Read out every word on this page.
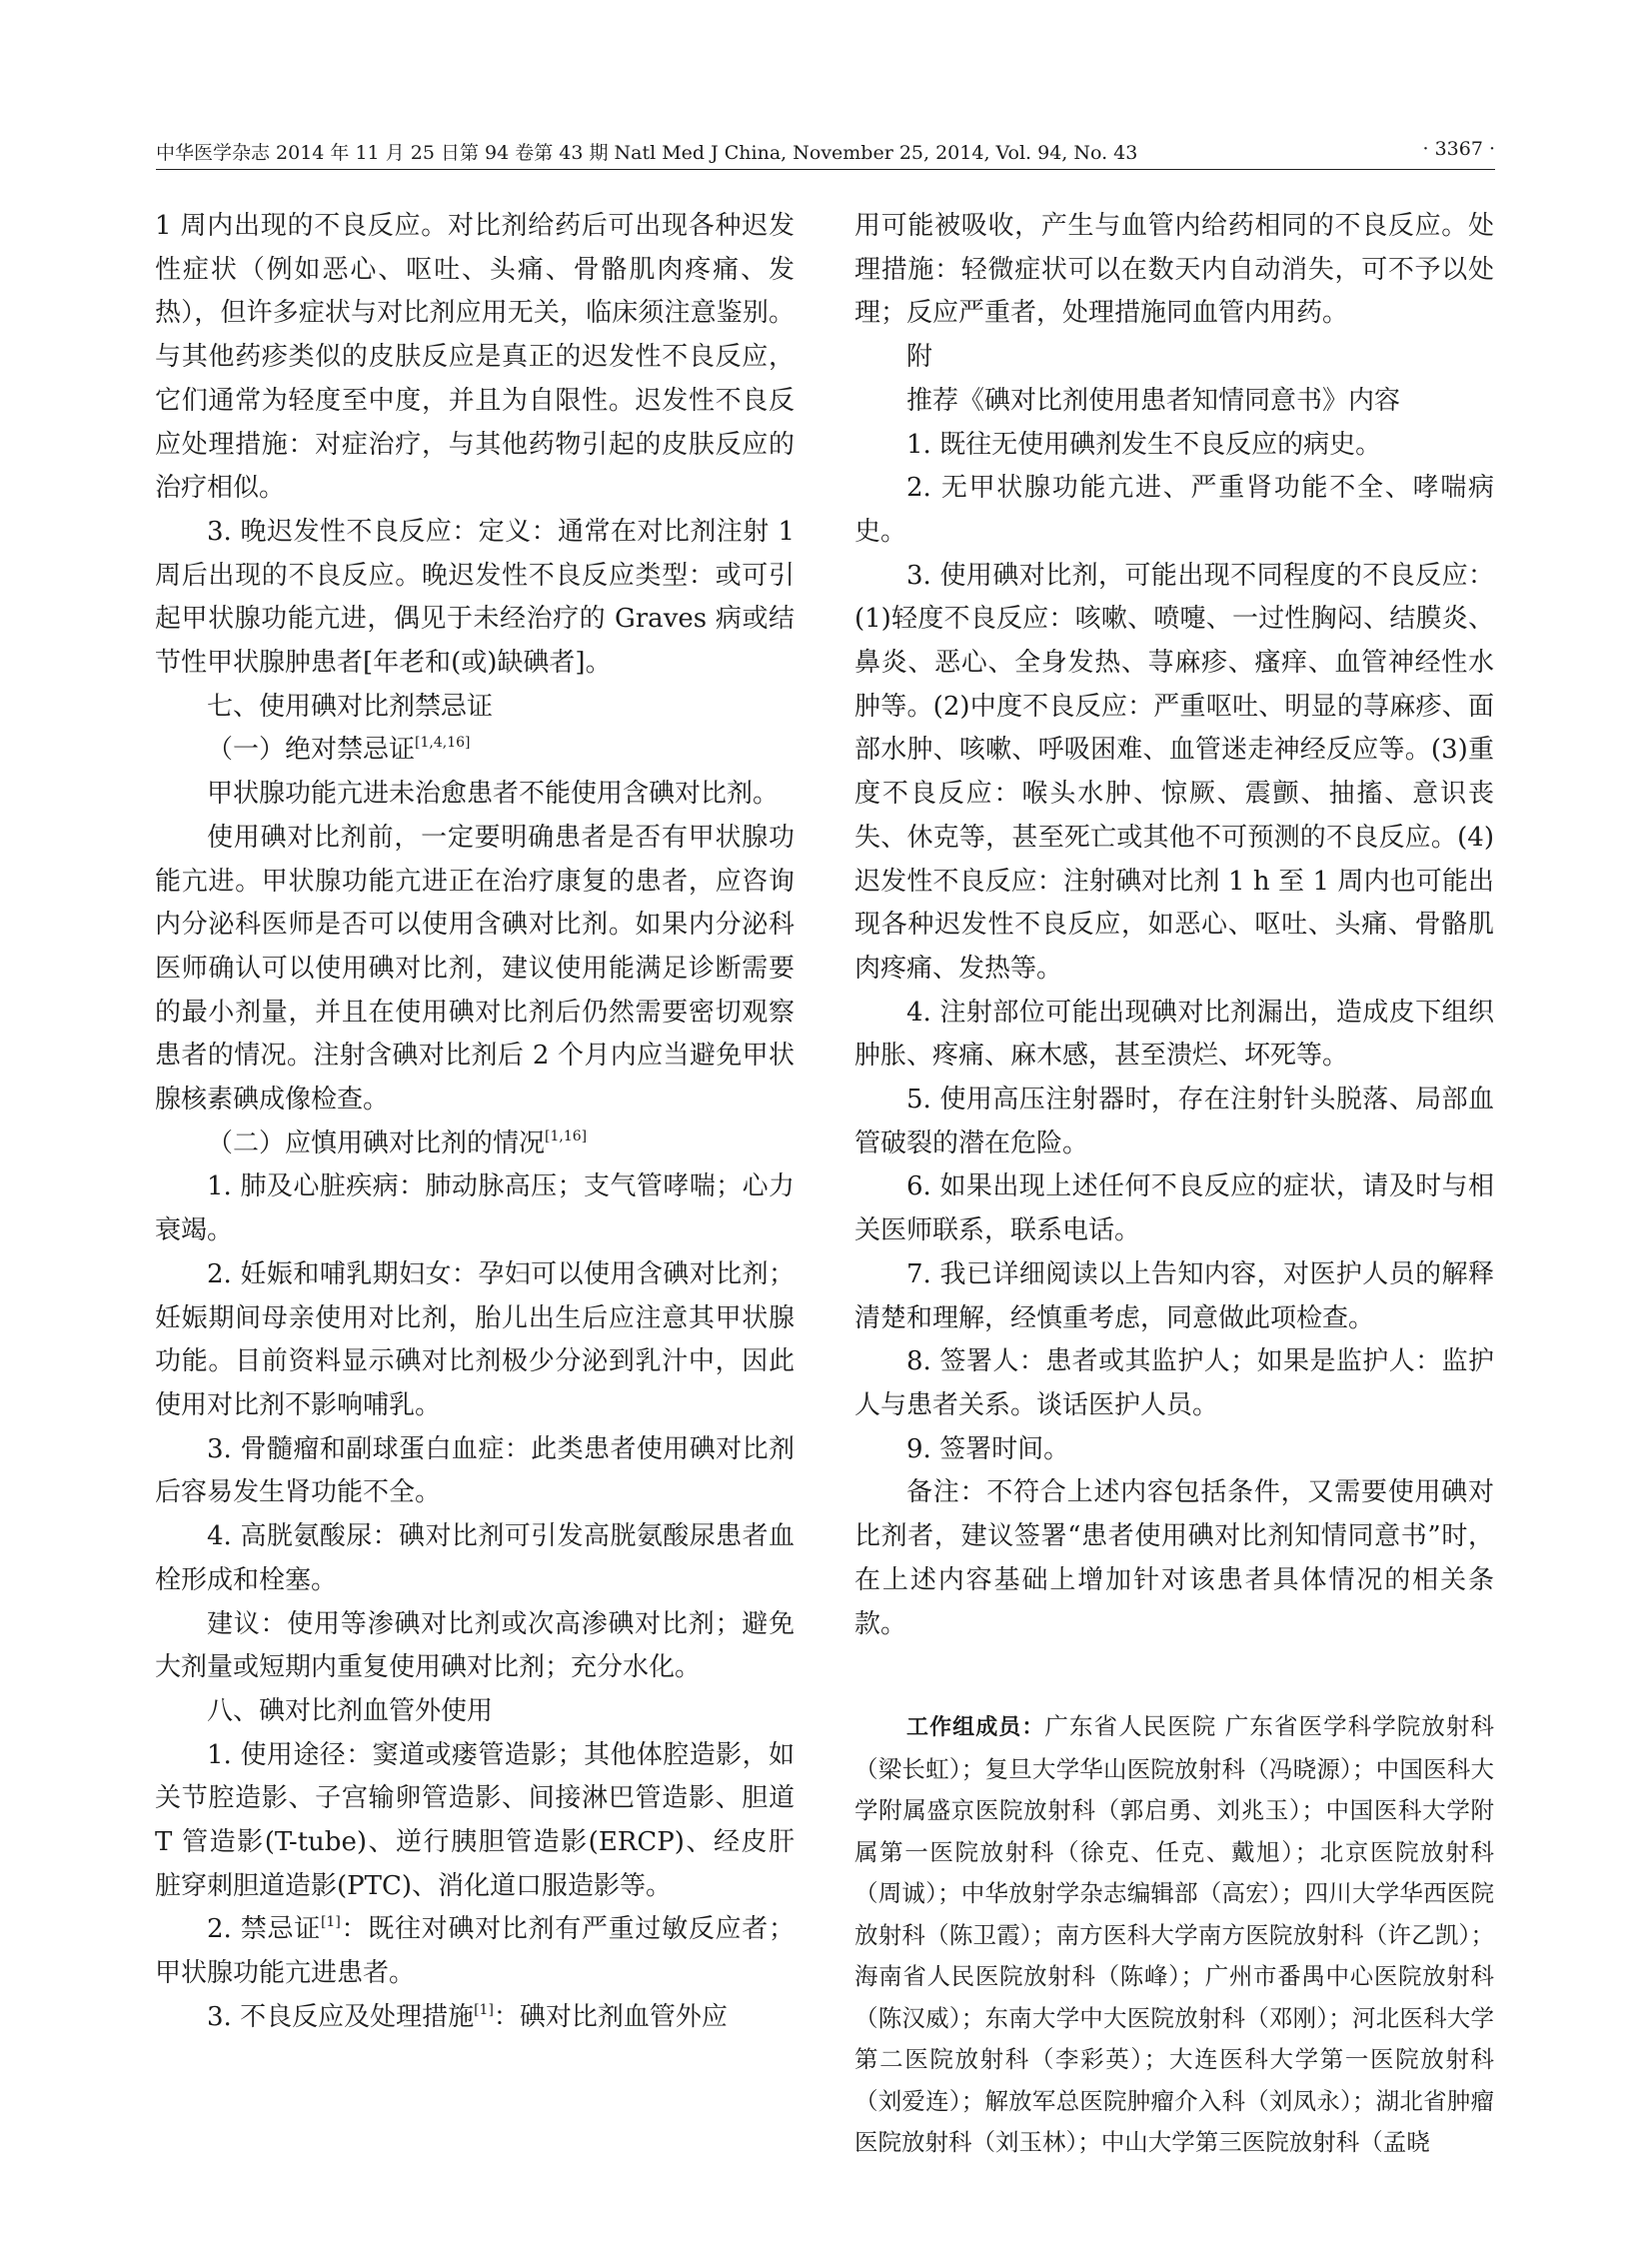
中华医学杂志 2014 年 11 月 25 日第 94 卷第 43 期 Natl Med J China, November 25, 2014, Vol. 94, No. 43	· 3367 ·

1 周内出现的不良反应。对比剂给药后可出现各种迟发性症状（例如恶心、呕吐、头痛、骨骼肌肉疼痛、发热），但许多症状与对比剂应用无关，临床须注意鉴别。与其他药疹类似的皮肤反应是真正的迟发性不良反应，它们通常为轻度至中度，并且为自限性。迟发性不良反应处理措施：对症治疗，与其他药物引起的皮肤反应的治疗相似。

3. 晚迟发性不良反应：定义：通常在对比剂注射 1 周后出现的不良反应。晚迟发性不良反应类型：或可引起甲状腺功能亢进，偶见于未经治疗的 Graves 病或结节性甲状腺肿患者[年老和(或)缺碘者]。

七、使用碘对比剂禁忌证

（一）绝对禁忌证[1,4,16]

甲状腺功能亢进未治愈患者不能使用含碘对比剂。

使用碘对比剂前，一定要明确患者是否有甲状腺功能亢进。甲状腺功能亢进正在治疗康复的患者，应咨询内分泌科医师是否可以使用含碘对比剂。如果内分泌科医师确认可以使用碘对比剂，建议使用能满足诊断需要的最小剂量，并且在使用碘对比剂后仍然需要密切观察患者的情况。注射含碘对比剂后 2 个月内应当避免甲状腺核素碘成像检查。

（二）应慎用碘对比剂的情况[1,16]

1. 肺及心脏疾病：肺动脉高压；支气管哮喘；心力衰竭。

2. 妊娠和哺乳期妇女：孕妇可以使用含碘对比剂；妊娠期间母亲使用对比剂，胎儿出生后应注意其甲状腺功能。目前资料显示碘对比剂极少分泌到乳汁中，因此使用对比剂不影响哺乳。

3. 骨髓瘤和副球蛋白血症：此类患者使用碘对比剂后容易发生肾功能不全。

4. 高胱氨酸尿：碘对比剂可引发高胱氨酸尿患者血栓形成和栓塞。

建议：使用等渗碘对比剂或次高渗碘对比剂；避免大剂量或短期内重复使用碘对比剂；充分水化。

八、碘对比剂血管外使用

1. 使用途径：窦道或瘘管造影；其他体腔造影，如关节腔造影、子宫输卵管造影、间接淋巴管造影、胆道 T 管造影(T-tube)、逆行胰胆管造影(ERCP)、经皮肝脏穿刺胆道造影(PTC)、消化道口服造影等。

2. 禁忌证[1]：既往对碘对比剂有严重过敏反应者；甲状腺功能亢进患者。

3. 不良反应及处理措施[1]：碘对比剂血管外应

用可能被吸收，产生与血管内给药相同的不良反应。处理措施：轻微症状可以在数天内自动消失，可不予以处理；反应严重者，处理措施同血管内用药。

附

推荐《碘对比剂使用患者知情同意书》内容

1. 既往无使用碘剂发生不良反应的病史。

2. 无甲状腺功能亢进、严重肾功能不全、哮喘病史。

3. 使用碘对比剂，可能出现不同程度的不良反应：(1)轻度不良反应：咳嗽、喷嚏、一过性胸闷、结膜炎、鼻炎、恶心、全身发热、荨麻疹、瘙痒、血管神经性水肿等。(2)中度不良反应：严重呕吐、明显的荨麻疹、面部水肿、咳嗽、呼吸困难、血管迷走神经反应等。(3)重度不良反应：喉头水肿、惊厥、震颤、抽搐、意识丧失、休克等，甚至死亡或其他不可预测的不良反应。(4)迟发性不良反应：注射碘对比剂 1 h 至 1 周内也可能出现各种迟发性不良反应，如恶心、呕吐、头痛、骨骼肌肉疼痛、发热等。

4. 注射部位可能出现碘对比剂漏出，造成皮下组织肿胀、疼痛、麻木感，甚至溃烂、坏死等。

5. 使用高压注射器时，存在注射针头脱落、局部血管破裂的潜在危险。

6. 如果出现上述任何不良反应的症状，请及时与相关医师联系，联系电话。

7. 我已详细阅读以上告知内容，对医护人员的解释清楚和理解，经慎重考虑，同意做此项检查。

8. 签署人：患者或其监护人；如果是监护人：监护人与患者关系。谈话医护人员。

9. 签署时间。

备注：不符合上述内容包括条件，又需要使用碘对比剂者，建议签署“患者使用碘对比剂知情同意书”时，在上述内容基础上增加针对该患者具体情况的相关条款。

工作组成员：广东省人民医院 广东省医学科学院放射科（梁长虹）；复旦大学华山医院放射科（冯晓源）；中国医科大学附属盛京医院放射科（郭启勇、刘兆玉）；中国医科大学附属第一医院放射科（徐克、任克、戴旭）；北京医院放射科（周诚）；中华放射学杂志编辑部（高宏）；四川大学华西医院放射科（陈卫霞）；南方医科大学南方医院放射科（许乙凯）；海南省人民医院放射科（陈峰）；广州市番禺中心医院放射科（陈汉威）；东南大学中大医院放射科（邓刚）；河北医科大学第二医院放射科（李彩英）；大连医科大学第一医院放射科（刘爱连）；解放军总医院肿瘤介入科（刘凤永）；湖北省肿瘤医院放射科（刘玉林）；中山大学第三医院放射科（孟晓
